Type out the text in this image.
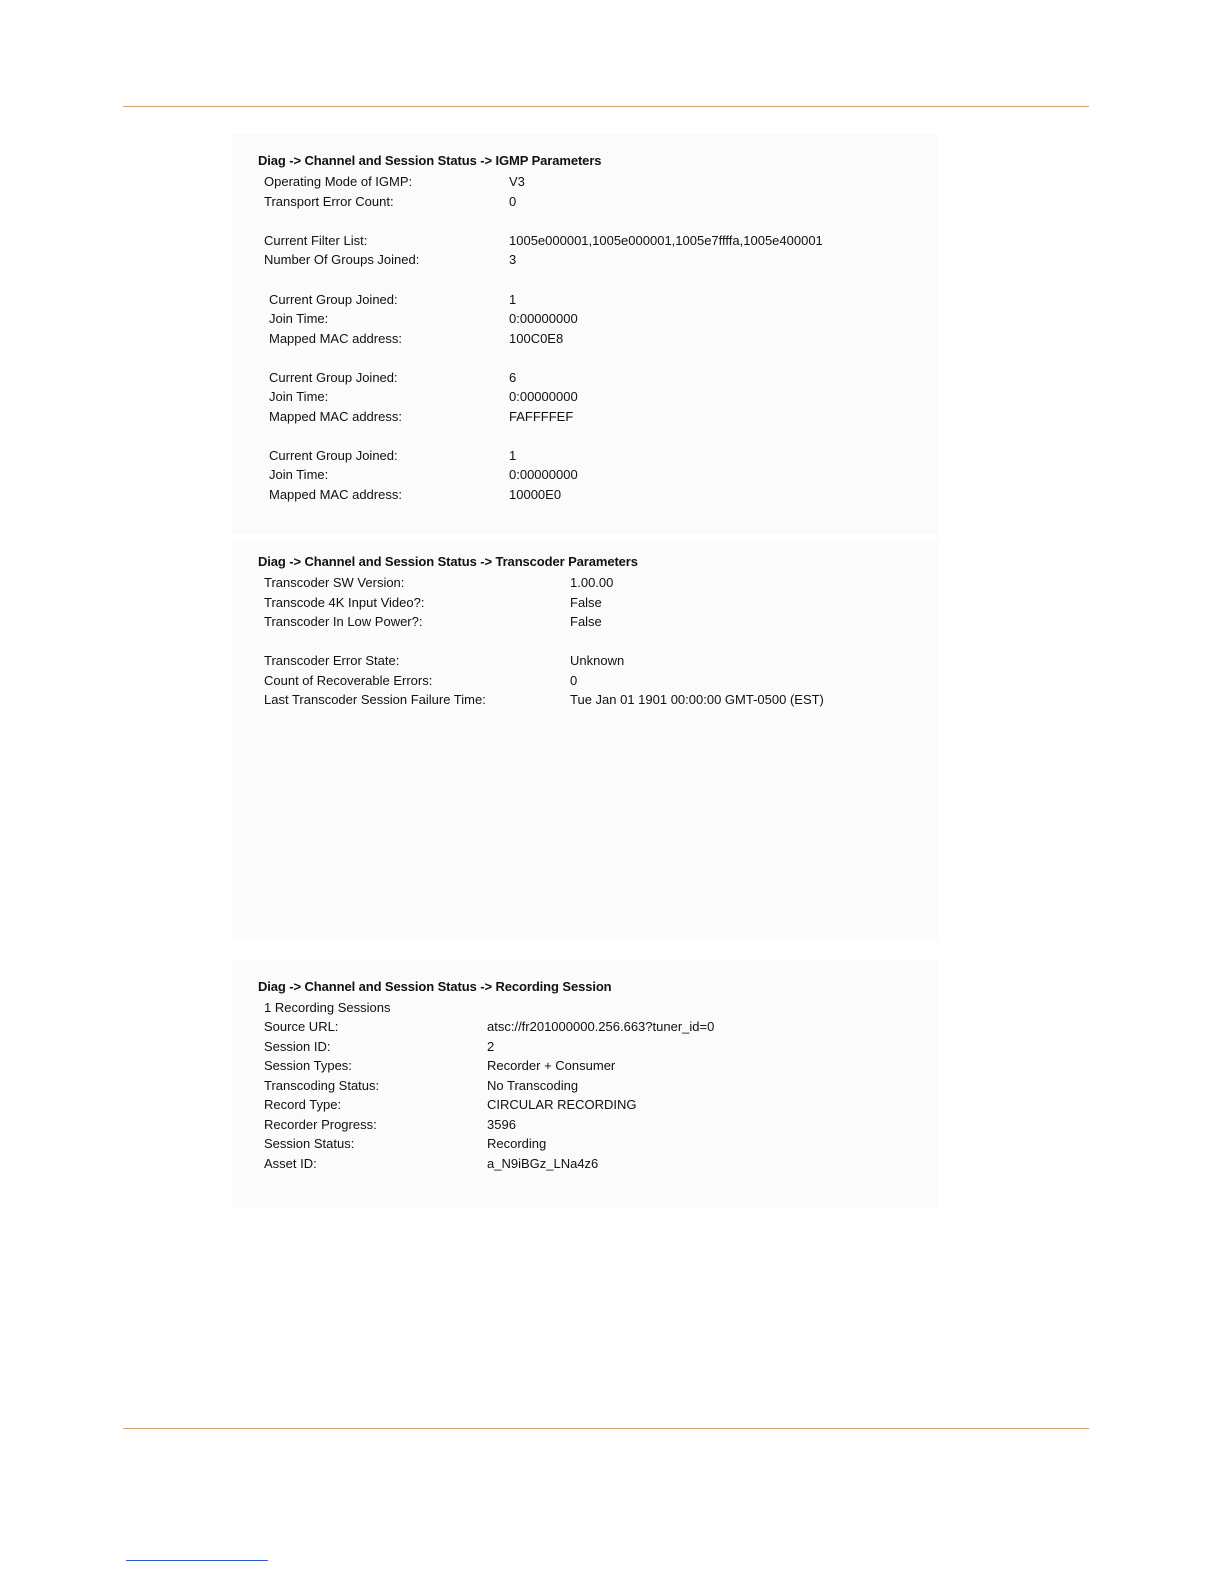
Diag -> Channel and Session Status -> IGMP Parameters
Operating Mode of IGMP:	V3
Transport Error Count:	0
Current Filter List:	1005e000001,1005e000001,1005e7ffffa,1005e400001
Number Of Groups Joined:	3
Current Group Joined:	1
Join Time:	0:00000000
Mapped MAC address:	100C0E8
Current Group Joined:	6
Join Time:	0:00000000
Mapped MAC address:	FAFFFFEF
Current Group Joined:	1
Join Time:	0:00000000
Mapped MAC address:	10000E0
Diag -> Channel and Session Status -> Transcoder Parameters
Transcoder SW Version:	1.00.00
Transcode 4K Input Video?:	False
Transcoder In Low Power?:	False
Transcoder Error State:	Unknown
Count of Recoverable Errors:	0
Last Transcoder Session Failure Time:	Tue Jan 01 1901 00:00:00 GMT-0500 (EST)
Diag -> Channel and Session Status -> Recording Session
1 Recording Sessions
Source URL:	atsc://fr201000000.256.663?tuner_id=0
Session ID:	2
Session Types:	Recorder + Consumer
Transcoding Status:	No Transcoding
Record Type:	CIRCULAR RECORDING
Recorder Progress:	3596
Session Status:	Recording
Asset ID:	a_N9iBGz_LNa4z6
